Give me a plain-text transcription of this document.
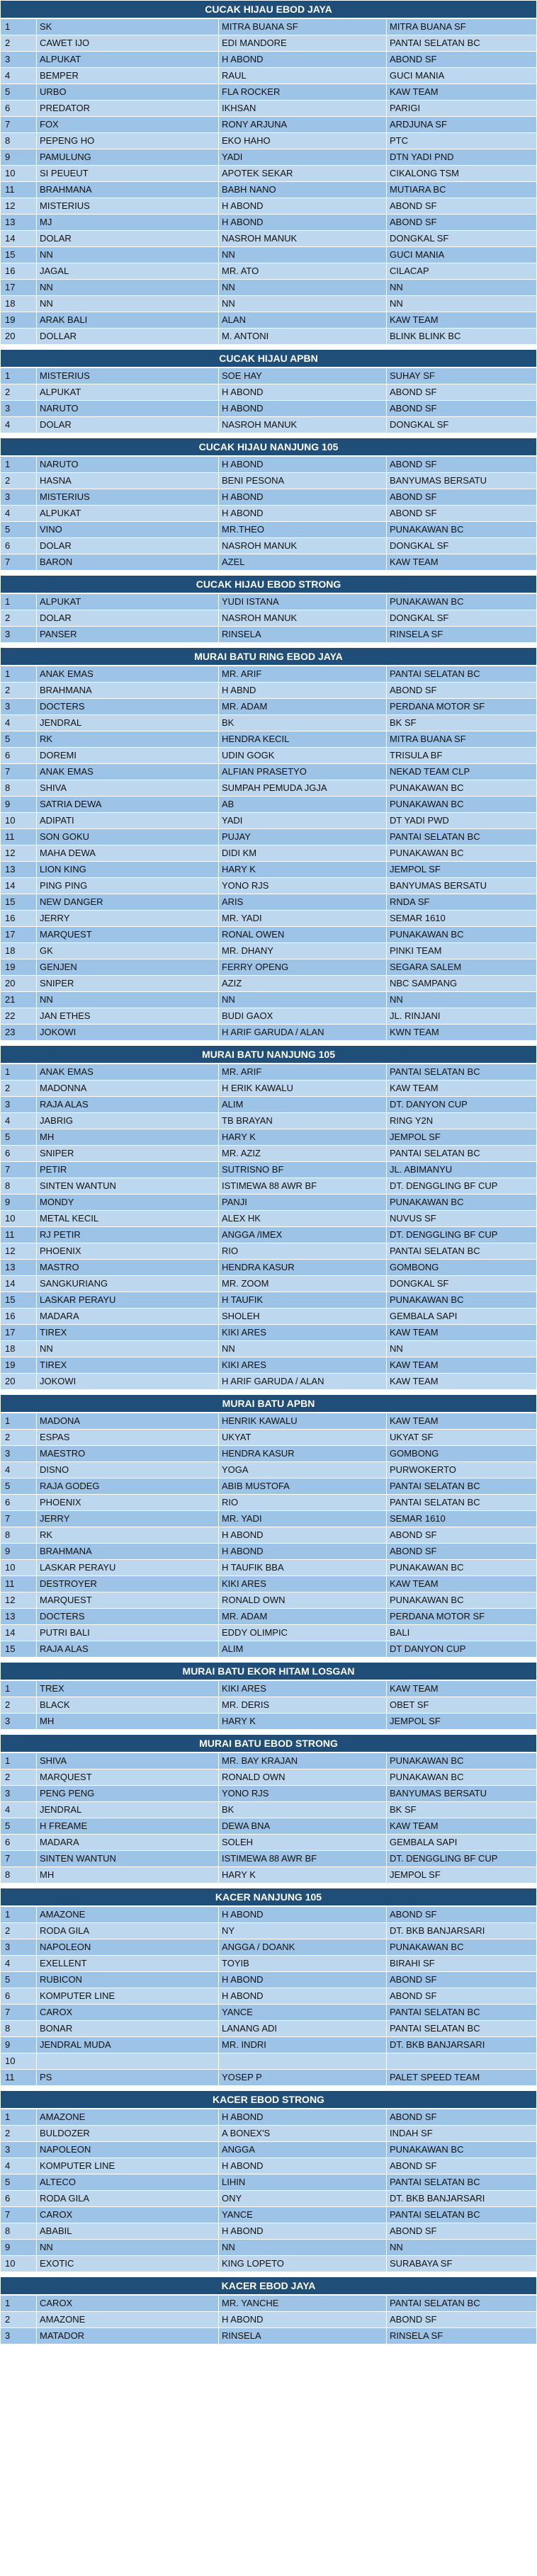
CUCAK HIJAU EBOD JAYA
1	SK	MITRA BUANA SF	MITRA BUANA SF
2	CAWET IJO	EDI MANDORE	PANTAI SELATAN BC
3	ALPUKAT	H ABOND	ABOND SF
4	BEMPER	RAUL	GUCI MANIA
5	URBO	FLA ROCKER	KAW TEAM
6	PREDATOR	IKHSAN	PARIGI
7	FOX	RONY ARJUNA	ARDJUNA SF
8	PEPENG HO	EKO HAHO	PTC
9	PAMULUNG	YADI	DTN YADI PND
10	SI PEUEUT	APOTEK SEKAR	CIKALONG TSM
11	BRAHMANA	BABH NANO	MUTIARA BC
12	MISTERIUS	H ABOND	ABOND SF
13	MJ	H ABOND	ABOND SF
14	DOLAR	NASROH MANUK	DONGKAL SF
15	NN	NN	GUCI MANIA
16	JAGAL	MR. ATO	CILACAP
17	NN	NN	NN
18	NN	NN	NN
19	ARAK BALI	ALAN	KAW TEAM
20	DOLLAR	M. ANTONI	BLINK BLINK BC
CUCAK HIJAU APBN
1	MISTERIUS	SOE HAY	SUHAY SF
2	ALPUKAT	H ABOND	ABOND SF
3	NARUTO	H ABOND	ABOND SF
4	DOLAR	NASROH MANUK	DONGKAL SF
CUCAK HIJAU NANJUNG 105
1	NARUTO	H ABOND	ABOND SF
2	HASNA	BENI PESONA	BANYUMAS BERSATU
3	MISTERIUS	H ABOND	ABOND SF
4	ALPUKAT	H ABOND	ABOND SF
5	VINO	MR.THEO	PUNAKAWAN BC
6	DOLAR	NASROH MANUK	DONGKAL SF
7	BARON	AZEL	KAW TEAM
CUCAK HIJAU EBOD STRONG
1	ALPUKAT	YUDI ISTANA	PUNAKAWAN BC
2	DOLAR	NASROH MANUK	DONGKAL SF
3	PANSER	RINSELA	RINSELA SF
MURAI BATU RING EBOD JAYA
1	ANAK EMAS	MR. ARIF	PANTAI SELATAN BC
2	BRAHMANA	H ABND	ABOND SF
3	DOCTERS	MR. ADAM	PERDANA MOTOR SF
4	JENDRAL	BK	BK SF
5	RK	HENDRA KECIL	MITRA BUANA SF
6	DOREMI	UDIN GOGK	TRISULA BF
7	ANAK EMAS	ALFIAN PRASETYO	NEKAD TEAM CLP
8	SHIVA	SUMPAH PEMUDA JGJA	PUNAKAWAN BC
9	SATRIA DEWA	AB	PUNAKAWAN BC
10	ADIPATI	YADI	DT YADI PWD
11	SON GOKU	PUJAY	PANTAI SELATAN BC
12	MAHA DEWA	DIDI KM	PUNAKAWAN BC
13	LION KING	HARY K	JEMPOL SF
14	PING PING	YONO RJS	BANYUMAS BERSATU
15	NEW DANGER	ARIS	RNDA SF
16	JERRY	MR. YADI	SEMAR 1610
17	MARQUEST	RONAL OWEN	PUNAKAWAN BC
18	GK	MR. DHANY	PINKI TEAM
19	GENJEN	FERRY OPENG	SEGARA SALEM
20	SNIPER	AZIZ	NBC SAMPANG
21	NN	NN	NN
22	JAN ETHES	BUDI GAOX	JL. RINJANI
23	JOKOWI	H ARIF GARUDA / ALAN	KWN TEAM
MURAI BATU NANJUNG 105
1	ANAK EMAS	MR. ARIF	PANTAI SELATAN BC
2	MADONNA	H ERIK KAWALU	KAW TEAM
3	RAJA ALAS	ALIM	DT. DANYON CUP
4	JABRIG	TB BRAYAN	RING Y2N
5	MH	HARY K	JEMPOL SF
6	SNIPER	MR. AZIZ	PANTAI SELATAN BC
7	PETIR	SUTRISNO BF	JL. ABIMANYU
8	SINTEN WANTUN	ISTIMEWA 88 AWR BF	DT. DENGGLING BF CUP
9	MONDY	PANJI	PUNAKAWAN BC
10	METAL KECIL	ALEX HK	NUVUS SF
11	RJ PETIR	ANGGA /IMEX	DT. DENGGLING BF CUP
12	PHOENIX	RIO	PANTAI SELATAN BC
13	MASTRO	HENDRA KASUR	GOMBONG
14	SANGKURIANG	MR. ZOOM	DONGKAL SF
15	LASKAR PERAYU	H TAUFIK	PUNAKAWAN BC
16	MADARA	SHOLEH	GEMBALA SAPI
17	TIREX	KIKI ARES	KAW TEAM
18	NN	NN	NN
19	TIREX	KIKI ARES	KAW TEAM
20	JOKOWI	H ARIF GARUDA / ALAN	KAW TEAM
MURAI BATU APBN
1	MADONA	HENRIK KAWALU	KAW TEAM
2	ESPAS	UKYAT	UKYAT SF
3	MAESTRO	HENDRA KASUR	GOMBONG
4	DISNO	YOGA	PURWOKERTO
5	RAJA GODEG	ABIB MUSTOFA	PANTAI SELATAN BC
6	PHOENIX	RIO	PANTAI SELATAN BC
7	JERRY	MR. YADI	SEMAR 1610
8	RK	H ABOND	ABOND SF
9	BRAHMANA	H ABOND	ABOND SF
10	LASKAR PERAYU	H TAUFIK BBA	PUNAKAWAN BC
11	DESTROYER	KIKI ARES	KAW TEAM
12	MARQUEST	RONALD OWN	PUNAKAWAN BC
13	DOCTERS	MR. ADAM	PERDANA MOTOR SF
14	PUTRI BALI	EDDY OLIMPIC	BALI
15	RAJA ALAS	ALIM	DT DANYON CUP
MURAI BATU EKOR HITAM LOSGAN
1	TREX	KIKI ARES	KAW TEAM
2	BLACK	MR. DERIS	OBET SF
3	MH	HARY K	JEMPOL SF
MURAI BATU EBOD STRONG
1	SHIVA	MR. BAY KRAJAN	PUNAKAWAN BC
2	MARQUEST	RONALD OWN	PUNAKAWAN BC
3	PENG PENG	YONO RJS	BANYUMAS BERSATU
4	JENDRAL	BK	BK SF
5	H FREAME	DEWA BNA	KAW TEAM
6	MADARA	SOLEH	GEMBALA SAPI
7	SINTEN WANTUN	ISTIMEWA 88 AWR BF	DT. DENGGLING BF CUP
8	MH	HARY K	JEMPOL SF
KACER NANJUNG 105
1	AMAZONE	H ABOND	ABOND SF
2	RODA GILA	NY	DT. BKB BANJARSARI
3	NAPOLEON	ANGGA / DOANK	PUNAKAWAN BC
4	EXELLENT	TOYIB	BIRAHI SF
5	RUBICON	H ABOND	ABOND SF
6	KOMPUTER LINE	H ABOND	ABOND SF
7	CAROX	YANCE	PANTAI SELATAN BC
8	BONAR	LANANG ADI	PANTAI SELATAN BC
9	JENDRAL MUDA	MR. INDRI	DT. BKB BANJARSARI
10			
11	PS	YOSEP P	PALET SPEED TEAM
KACER EBOD STRONG
1	AMAZONE	H ABOND	ABOND SF
2	BULDOZER	A BONEX'S	INDAH SF
3	NAPOLEON	ANGGA	PUNAKAWAN BC
4	KOMPUTER LINE	H ABOND	ABOND SF
5	ALTECO	LIHIN	PANTAI SELATAN BC
6	RODA GILA	ONY	DT. BKB BANJARSARI
7	CAROX	YANCE	PANTAI SELATAN BC
8	ABABIL	H ABOND	ABOND SF
9	NN	NN	NN
10	EXOTIC	KING LOPETO	SURABAYA SF
KACER EBOD JAYA
1	CAROX	MR. YANCHE	PANTAI SELATAN BC
2	AMAZONE	H ABOND	ABOND SF
3	MATADOR	RINSELA	RINSELA SF
